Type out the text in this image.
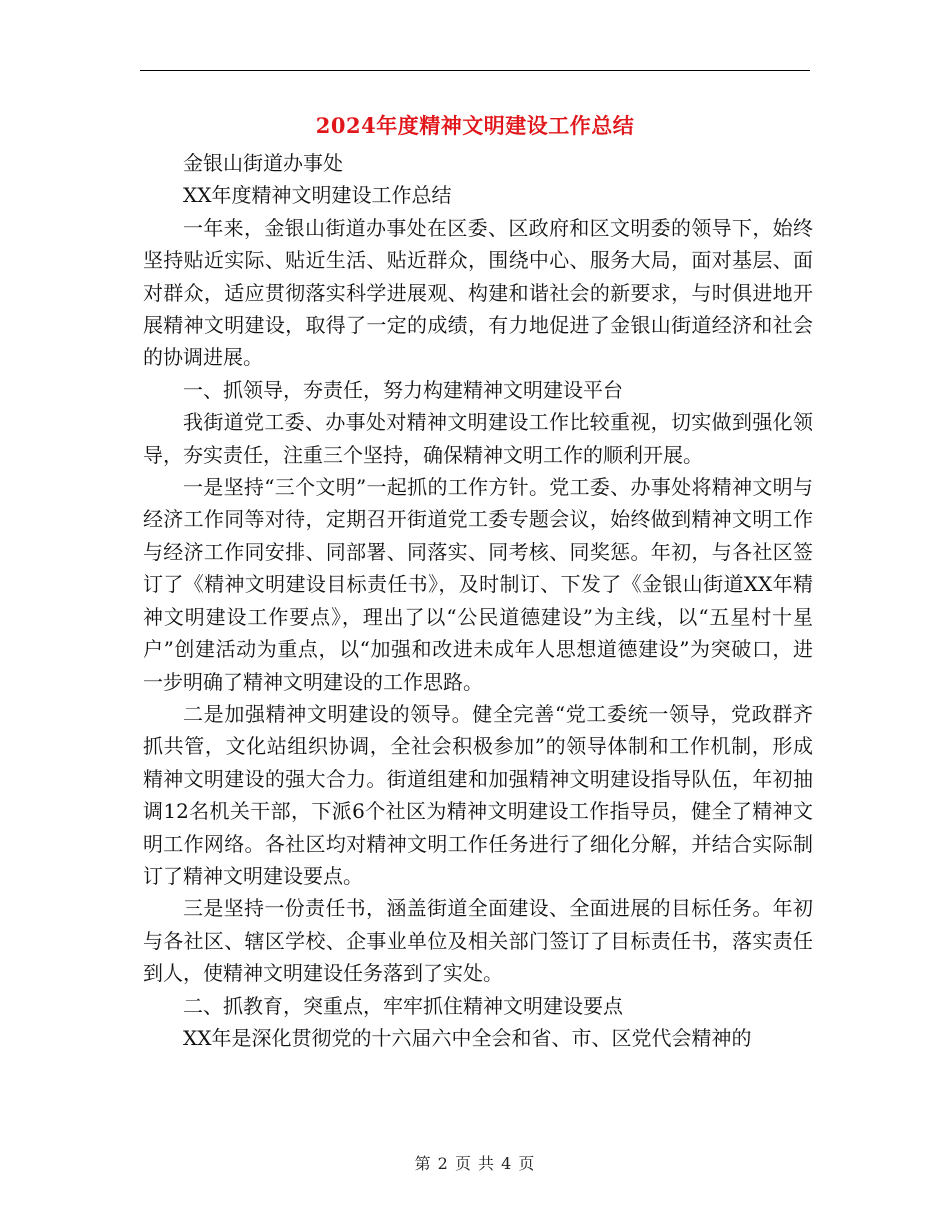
2024年度精神文明建设工作总结

金银山街道办事处

XX年度精神文明建设工作总结

一年来，金银山街道办事处在区委、区政府和区文明委的领导下，始终坚持贴近实际、贴近生活、贴近群众，围绕中心、服务大局，面对基层、面对群众，适应贯彻落实科学进展观、构建和谐社会的新要求，与时俱进地开展精神文明建设，取得了一定的成绩，有力地促进了金银山街道经济和社会的协调进展。

一、抓领导，夯责任，努力构建精神文明建设平台

我街道党工委、办事处对精神文明建设工作比较重视，切实做到强化领导，夯实责任，注重三个坚持，确保精神文明工作的顺利开展。

一是坚持“三个文明”一起抓的工作方针。党工委、办事处将精神文明与经济工作同等对待，定期召开街道党工委专题会议，始终做到精神文明工作与经济工作同安排、同部署、同落实、同考核、同奖惩。年初，与各社区签订了《精神文明建设目标责任书》，及时制订、下发了《金银山街道XX年精神文明建设工作要点》，理出了以“公民道德建设”为主线，以“五星村十星户”创建活动为重点，以“加强和改进未成年人思想道德建设”为突破口，进一步明确了精神文明建设的工作思路。

二是加强精神文明建设的领导。健全完善“党工委统一领导，党政群齐抓共管，文化站组织协调，全社会积极参加”的领导体制和工作机制，形成精神文明建设的强大合力。街道组建和加强精神文明建设指导队伍，年初抽调12名机关干部，下派6个社区为精神文明建设工作指导员，健全了精神文明工作网络。各社区均对精神文明工作任务进行了细化分解，并结合实际制订了精神文明建设要点。

三是坚持一份责任书，涵盖街道全面建设、全面进展的目标任务。年初与各社区、辖区学校、企事业单位及相关部门签订了目标责任书，落实责任到人，使精神文明建设任务落到了实处。

二、抓教育，突重点，牢牢抓住精神文明建设要点

XX年是深化贯彻党的十六届六中全会和省、市、区党代会精神的

第 2 页 共 4 页
